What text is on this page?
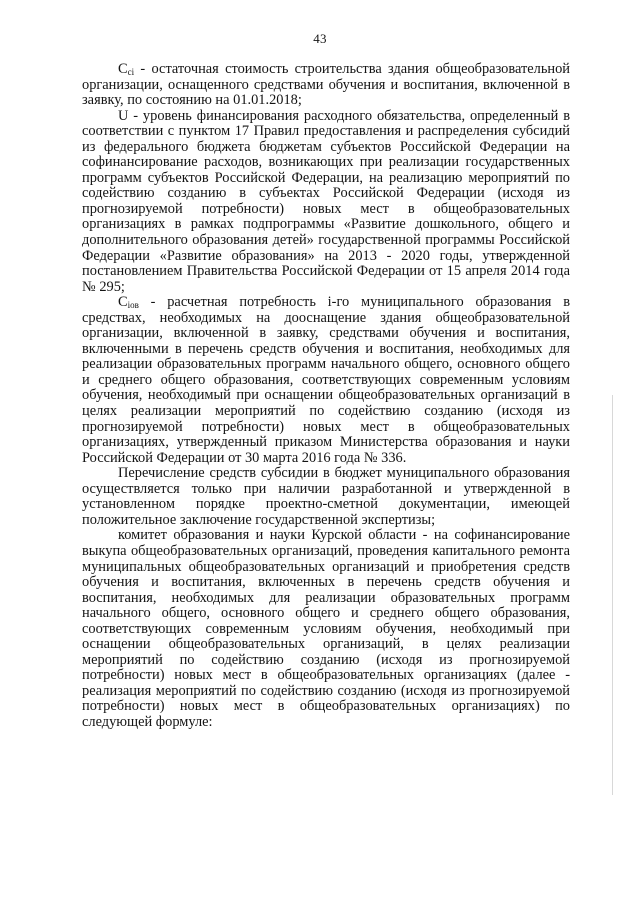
43

$C_{ci}$ - остаточная стоимость строительства здания общеобразовательной организации, оснащенного средствами обучения и воспитания, включенной в заявку, по состоянию на 01.01.2018;

U - уровень финансирования расходного обязательства, определенный в соответствии с пунктом 17 Правил предоставления и распределения субсидий из федерального бюджета бюджетам субъектов Российской Федерации на софинансирование расходов, возникающих при реализации государственных программ субъектов Российской Федерации, на реализацию мероприятий по содействию созданию в субъектах Российской Федерации (исходя из прогнозируемой потребности) новых мест в общеобразовательных организациях в рамках подпрограммы «Развитие дошкольного, общего и дополнительного образования детей» государственной программы Российской Федерации «Развитие образования» на 2013 - 2020 годы, утвержденной постановлением Правительства Российской Федерации от 15 апреля 2014 года № 295;

$C_{iов}$ - расчетная потребность i-го муниципального образования в средствах, необходимых на дооснащение здания общеобразовательной организации, включенной в заявку, средствами обучения и воспитания, включенными в перечень средств обучения и воспитания, необходимых для реализации образовательных программ начального общего, основного общего и среднего общего образования, соответствующих современным условиям обучения, необходимый при оснащении общеобразовательных организаций в целях реализации мероприятий по содействию созданию (исходя из прогнозируемой потребности) новых мест в общеобразовательных организациях, утвержденный приказом Министерства образования и науки Российской Федерации от 30 марта 2016 года № 336.

Перечисление средств субсидии в бюджет муниципального образования осуществляется только при наличии разработанной и утвержденной в установленном порядке проектно-сметной документации, имеющей положительное заключение государственной экспертизы;

комитет образования и науки Курской области - на софинансирование выкупа общеобразовательных организаций, проведения капитального ремонта муниципальных общеобразовательных организаций и приобретения средств обучения и воспитания, включенных в перечень средств обучения и воспитания, необходимых для реализации образовательных программ начального общего, основного общего и среднего общего образования, соответствующих современным условиям обучения, необходимый при оснащении общеобразовательных организаций, в целях реализации мероприятий по содействию созданию (исходя из прогнозируемой потребности) новых мест в общеобразовательных организациях (далее - реализация мероприятий по содействию созданию (исходя из прогнозируемой потребности) новых мест в общеобразовательных организациях) по следующей формуле:
